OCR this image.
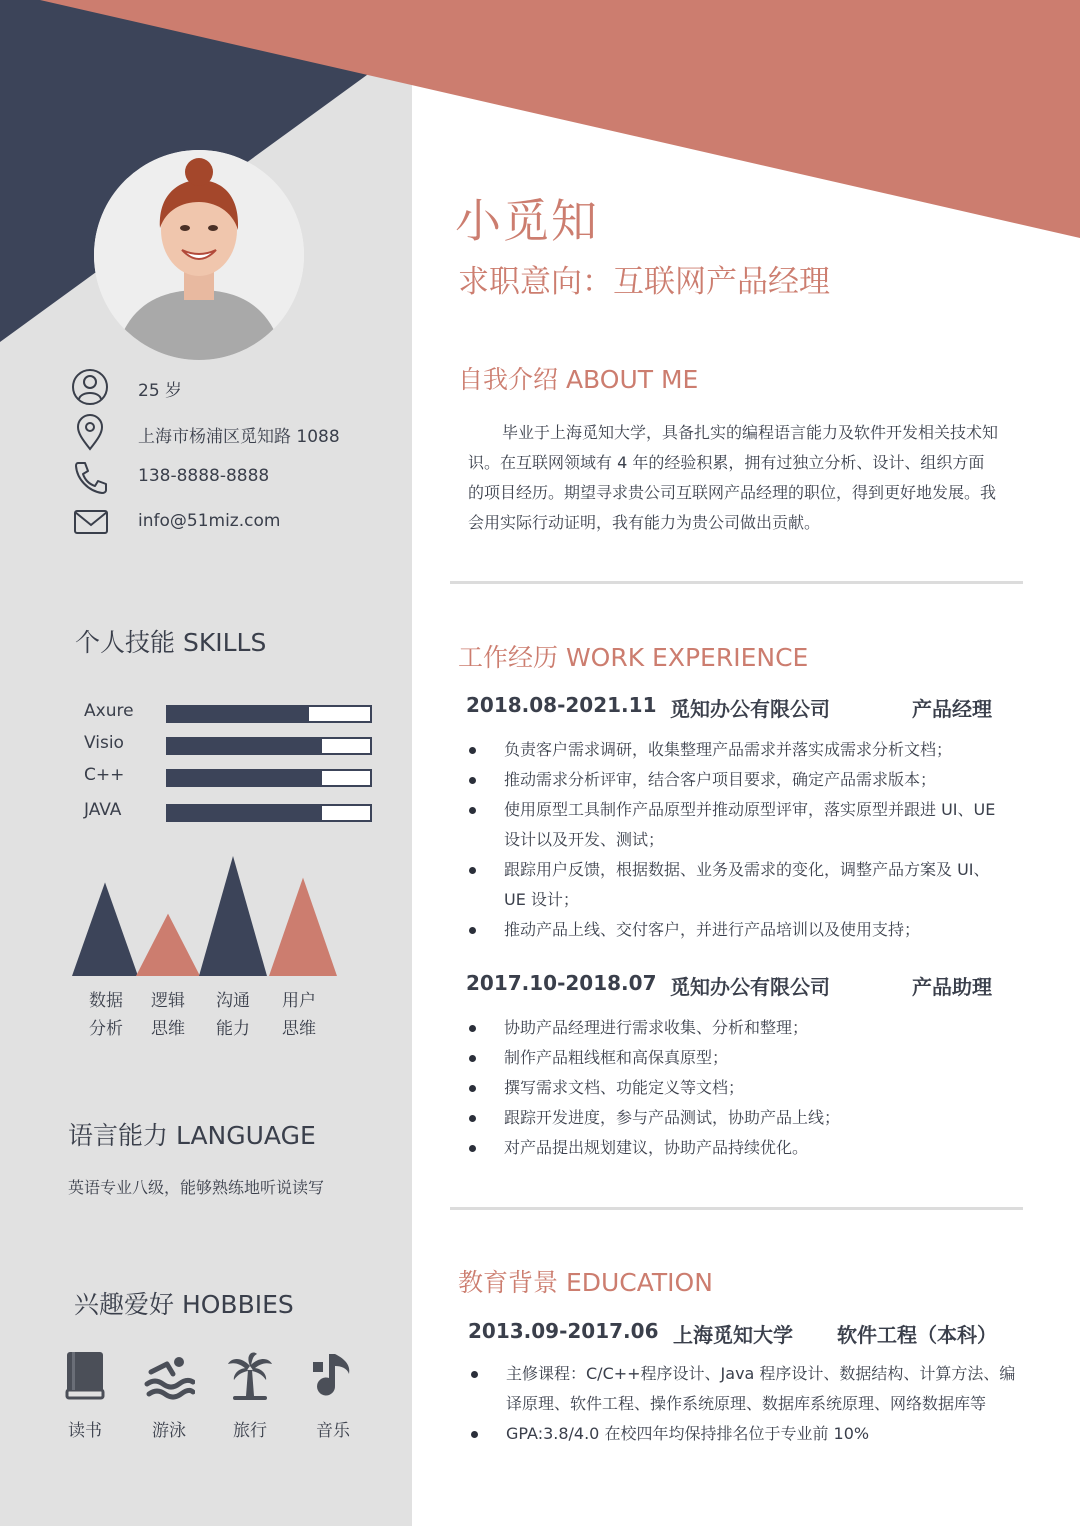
25 岁
上海市杨浦区觅知路 1088
138-8888-8888
info@51miz.com
个人技能 SKILLS
Axure
Visio
C++
JAVA
数据
分析
逻辑
思维
沟通
能力
用户
思维
语言能力 LANGUAGE
英语专业八级，能够熟练地听说读写
兴趣爱好 HOBBIES
读书	游泳	旅行	音乐
小觅知
求职意向：互联网产品经理
自我介绍 ABOUT ME
毕业于上海觅知大学，具备扎实的编程语言能力及软件开发相关技术知识。在互联网领域有 4 年的经验积累，拥有过独立分析、设计、组织方面的项目经历。期望寻求贵公司互联网产品经理的职位，得到更好地发展。我会用实际行动证明，我有能力为贵公司做出贡献。
工作经历 WORK EXPERIENCE
2018.08-2021.11 觅知办公有限公司	产品经理
负责客户需求调研，收集整理产品需求并落实成需求分析文档；
推动需求分析评审，结合客户项目要求，确定产品需求版本；
使用原型工具制作产品原型并推动原型评审，落实原型并跟进 UI、UE 设计以及开发、测试；
跟踪用户反馈，根据数据、业务及需求的变化，调整产品方案及 UI、UE 设计；
推动产品上线、交付客户，并进行产品培训以及使用支持；
2017.10-2018.07 觅知办公有限公司	产品助理
协助产品经理进行需求收集、分析和整理；
制作产品粗线框和高保真原型；
撰写需求文档、功能定义等文档；
跟踪开发进度，参与产品测试，协助产品上线；
对产品提出规划建议，协助产品持续优化。
教育背景 EDUCATION
2013.09-2017.06 上海觅知大学 软件工程（本科）
主修课程：C/C++程序设计、Java 程序设计、数据结构、计算方法、编译原理、软件工程、操作系统原理、数据库系统原理、网络数据库等
GPA:3.8/4.0 在校四年均保持排名位于专业前 10%
